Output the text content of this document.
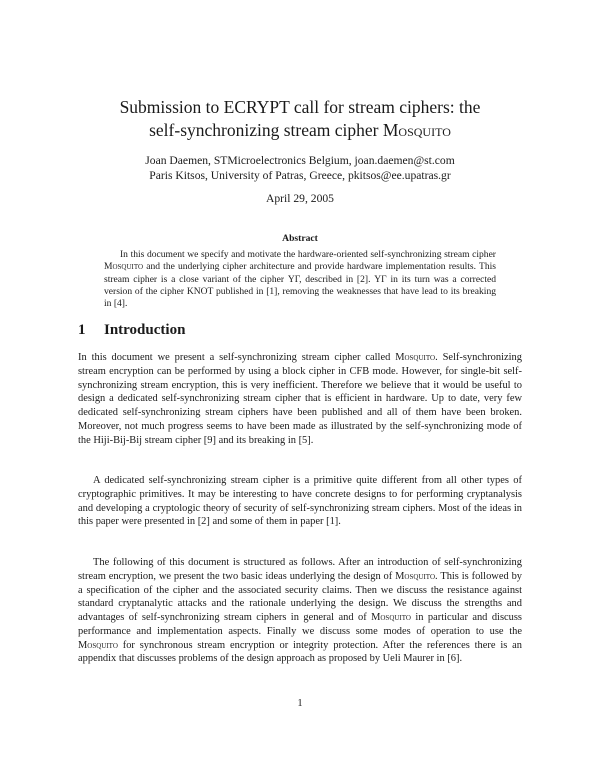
Submission to ECRYPT call for stream ciphers: the
self-synchronizing stream cipher Mosquito
Joan Daemen, STMicroelectronics Belgium, joan.daemen@st.com
Paris Kitsos, University of Patras, Greece, pkitsos@ee.upatras.gr
April 29, 2005
Abstract

In this document we specify and motivate the hardware-oriented self-synchronizing stream cipher Mosquito and the underlying cipher architecture and provide hardware implementation results. This stream cipher is a close variant of the cipher ΥΓ, described in [2]. ΥΓ in its turn was a corrected version of the cipher KNOT published in [1], removing the weaknesses that have lead to its breaking in [4].

1 Introduction

In this document we present a self-synchronizing stream cipher called Mosquito. Self-synchronizing stream encryption can be performed by using a block cipher in CFB mode. However, for single-bit self-synchronizing stream encryption, this is very inefficient. Therefore we believe that it would be useful to design a dedicated self-synchronizing stream cipher that is efficient in hardware. Up to date, very few dedicated self-synchronizing stream ciphers have been published and all of them have been broken. Moreover, not much progress seems to have been made as illustrated by the self-synchronizing mode of the Hiji-Bij-Bij stream cipher [9] and its breaking in [5].

A dedicated self-synchronizing stream cipher is a primitive quite different from all other types of cryptographic primitives. It may be interesting to have concrete designs to for performing cryptanalysis and developing a cryptologic theory of security of self-synchronizing stream ciphers. Most of the ideas in this paper were presented in [2] and some of them in paper [1].

The following of this document is structured as follows. After an introduction of self-synchronizing stream encryption, we present the two basic ideas underlying the design of Mosquito. This is followed by a specification of the cipher and the associated security claims. Then we discuss the resistance against standard cryptanalytic attacks and the rationale underlying the design. We discuss the strengths and advantages of self-synchronizing stream ciphers in general and of Mosquito in particular and discuss performance and implementation aspects. Finally we discuss some modes of operation to use the Mosquito for synchronous stream encryption or integrity protection. After the references there is an appendix that discusses problems of the design approach as proposed by Ueli Maurer in [6].

1
